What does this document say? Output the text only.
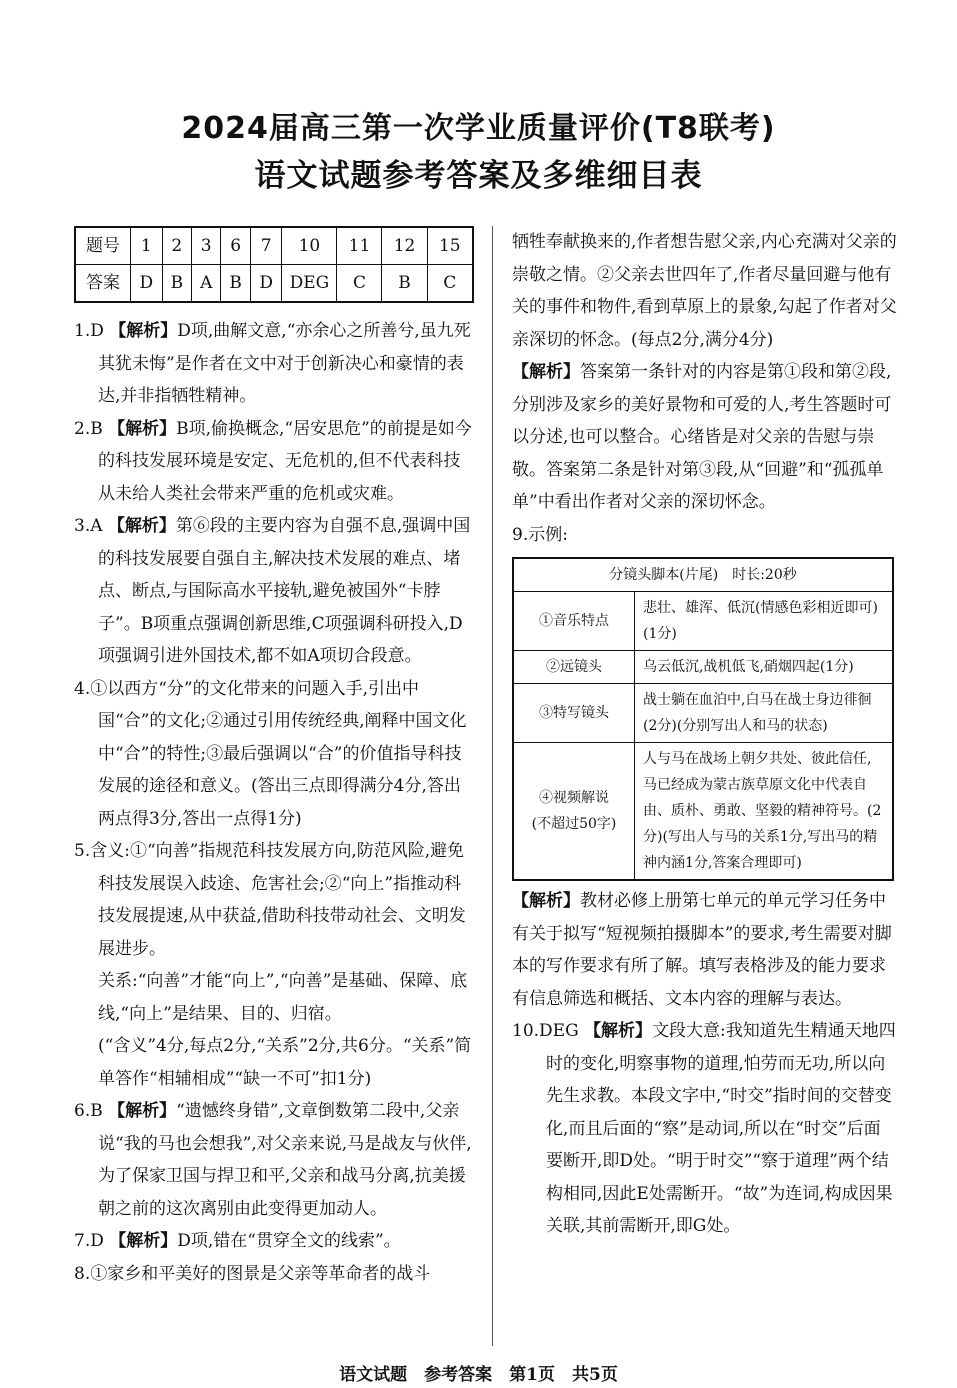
2024届高三第一次学业质量评价(T8联考)
语文试题参考答案及多维细目表
题号	1	2	3	6	7	10	11	12	15
答案	D	B	A	B	D	DEG	C	B	C

1.D 【解析】D项,曲解文意,“亦余心之所善兮,虽九死其犹未悔”是作者在文中对于创新决心和豪情的表达,并非指牺牲精神。

2.B 【解析】B项,偷换概念,“居安思危”的前提是如今的科技发展环境是安定、无危机的,但不代表科技从未给人类社会带来严重的危机或灾难。

3.A 【解析】第⑥段的主要内容为自强不息,强调中国的科技发展要自强自主,解决技术发展的难点、堵点、断点,与国际高水平接轨,避免被国外“卡脖子”。B项重点强调创新思维,C项强调科研投入,D项强调引进外国技术,都不如A项切合段意。

4.①以西方“分”的文化带来的问题入手,引出中国“合”的文化;②通过引用传统经典,阐释中国文化中“合”的特性;③最后强调以“合”的价值指导科技发展的途径和意义。(答出三点即得满分4分,答出两点得3分,答出一点得1分)

5.含义:①“向善”指规范科技发展方向,防范风险,避免科技发展误入歧途、危害社会;②“向上”指推动科技发展提速,从中获益,借助科技带动社会、文明发展进步。

关系:“向善”才能“向上”,“向善”是基础、保障、底线,“向上”是结果、目的、归宿。

(“含义”4分,每点2分,“关系”2分,共6分。“关系”简单答作“相辅相成”“缺一不可”扣1分)

6.B 【解析】“遗憾终身错”,文章倒数第二段中,父亲说“我的马也会想我”,对父亲来说,马是战友与伙伴,为了保家卫国与捍卫和平,父亲和战马分离,抗美援朝之前的这次离别由此变得更加动人。

7.D 【解析】D项,错在“贯穿全文的线索”。

8.①家乡和平美好的图景是父亲等革命者的战斗

牺牲奉献换来的,作者想告慰父亲,内心充满对父亲的崇敬之情。②父亲去世四年了,作者尽量回避与他有关的事件和物件,看到草原上的景象,勾起了作者对父亲深切的怀念。(每点2分,满分4分)

【解析】答案第一条针对的内容是第①段和第②段,分别涉及家乡的美好景物和可爱的人,考生答题时可以分述,也可以整合。心绪皆是对父亲的告慰与崇敬。答案第二条是针对第③段,从“回避”和“孤孤单单”中看出作者对父亲的深切怀念。

9.示例:

分镜头脚本(片尾)　时长:20秒	
①音乐特点	悲壮、雄浑、低沉(情感色彩相近即可)(1分)
②远镜头	乌云低沉,战机低飞,硝烟四起(1分)
③特写镜头	战士躺在血泊中,白马在战士身边徘徊(2分)(分别写出人和马的状态)
④视频解说
(不超过50字)	人与马在战场上朝夕共处、彼此信任,马已经成为蒙古族草原文化中代表自由、质朴、勇敢、坚毅的精神符号。(2分)(写出人与马的关系1分,写出马的精神内涵1分,答案合理即可)

【解析】教材必修上册第七单元的单元学习任务中有关于拟写“短视频拍摄脚本”的要求,考生需要对脚本的写作要求有所了解。填写表格涉及的能力要求有信息筛选和概括、文本内容的理解与表达。

10.DEG 【解析】文段大意:我知道先生精通天地四时的变化,明察事物的道理,怕劳而无功,所以向先生求教。本段文字中,“时交”指时间的交替变化,而且后面的“察”是动词,所以在“时交”后面要断开,即D处。“明于时交”“察于道理”两个结构相同,因此E处需断开。“故”为连词,构成因果关联,其前需断开,即G处。

语文试题　参考答案　第1页　共5页
